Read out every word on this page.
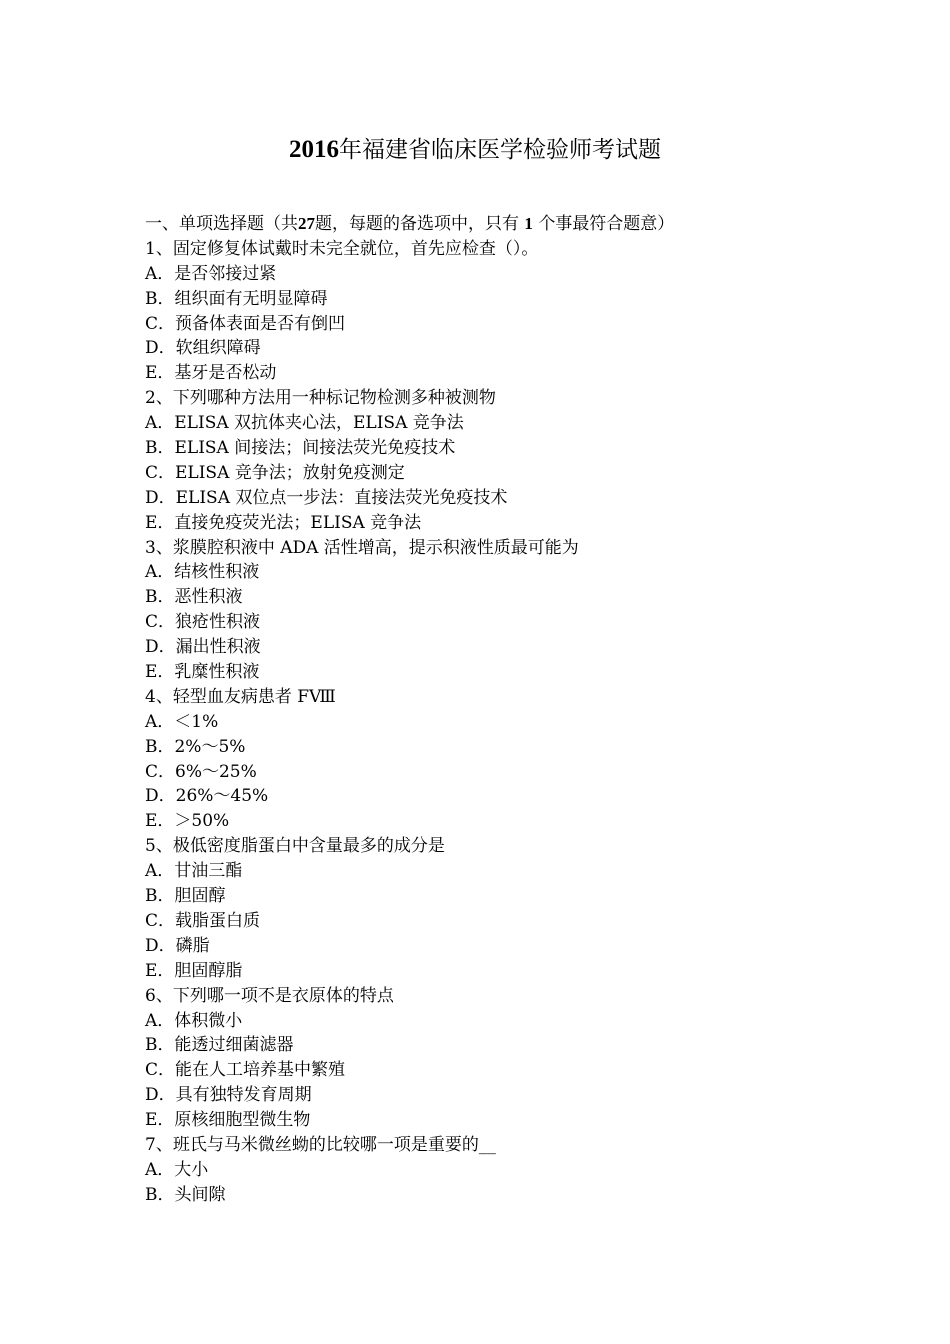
2016年福建省临床医学检验师考试题
一、单项选择题（共27题，每题的备选项中，只有 1 个事最符合题意）
1、固定修复体试戴时未完全就位，首先应检查（）。
A．是否邻接过紧
B．组织面有无明显障碍
C．预备体表面是否有倒凹
D．软组织障碍
E．基牙是否松动
2、下列哪种方法用一种标记物检测多种被测物
A．ELISA 双抗体夹心法，ELISA 竞争法
B．ELISA 间接法；间接法荧光免疫技术
C．ELISA 竞争法；放射免疫测定
D．ELISA 双位点一步法：直接法荧光免疫技术
E．直接免疫荧光法；ELISA 竞争法
3、浆膜腔积液中 ADA 活性增高，提示积液性质最可能为
A．结核性积液
B．恶性积液
C．狼疮性积液
D．漏出性积液
E．乳糜性积液
4、轻型血友病患者 FⅧ
A．＜1%
B．2%～5%
C．6%～25%
D．26%～45%
E．＞50%
5、极低密度脂蛋白中含量最多的成分是
A．甘油三酯
B．胆固醇
C．载脂蛋白质
D．磷脂
E．胆固醇脂
6、下列哪一项不是衣原体的特点
A．体积微小
B．能透过细菌滤器
C．能在人工培养基中繁殖
D．具有独特发育周期
E．原核细胞型微生物
7、班氏与马米微丝蚴的比较哪一项是重要的__
A．大小
B．头间隙
